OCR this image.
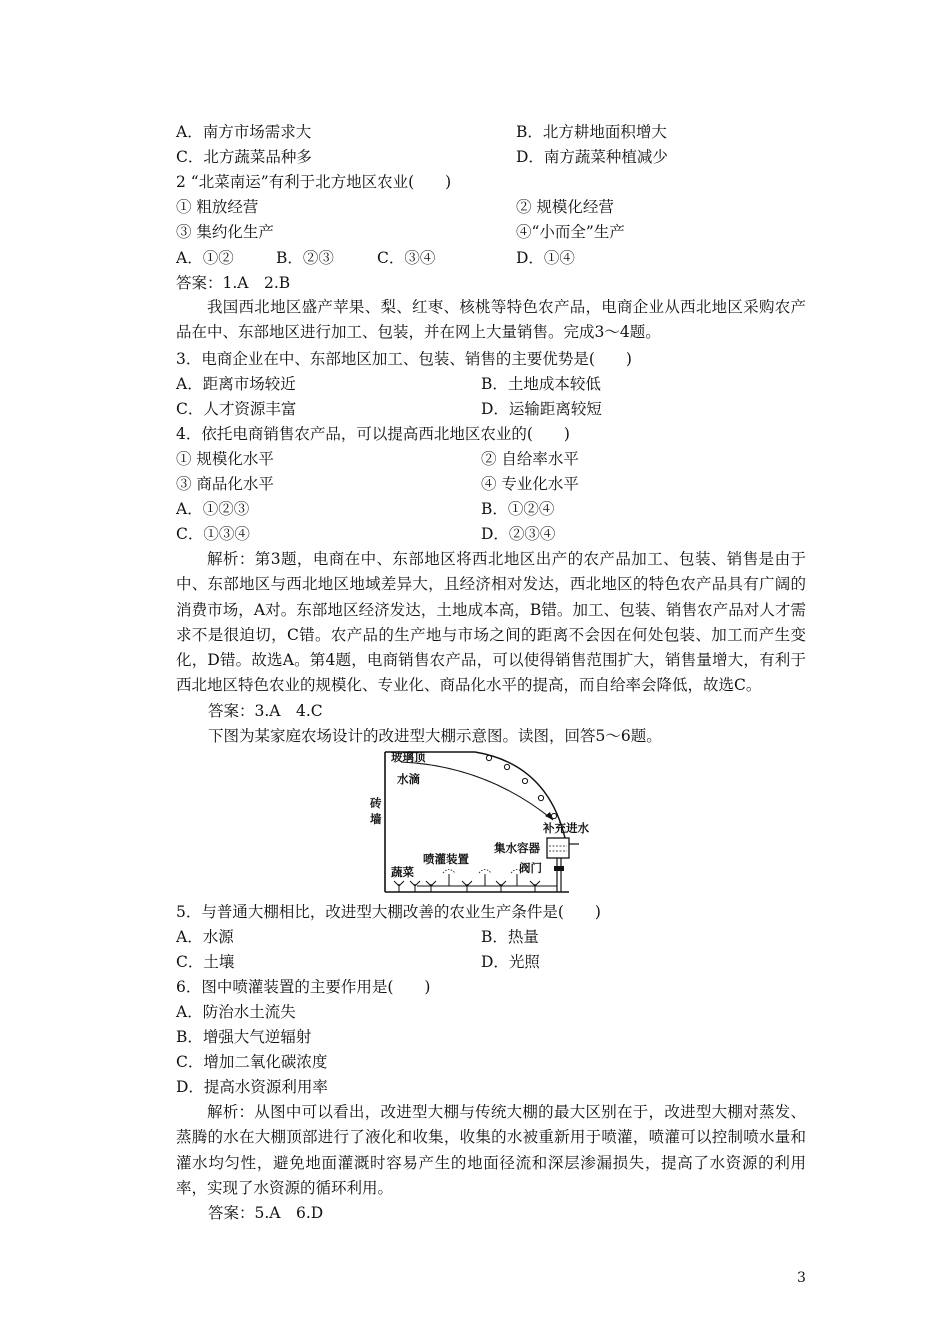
A．南方市场需求大	B．北方耕地面积增大
C．北方蔬菜品种多	D．南方蔬菜种植减少
2 “北菜南运”有利于北方地区农业(　　)
① 粗放经营	② 规模化经营
③ 集约化生产	④“小而全”生产
A．①②	B．②③	C．③④	D．①④
答案：1.A　2.B
我国西北地区盛产苹果、梨、红枣、核桃等特色农产品，电商企业从西北地区采购农产品在中、东部地区进行加工、包装，并在网上大量销售。完成3～4题。
3．电商企业在中、东部地区加工、包装、销售的主要优势是(　　)
A．距离市场较近	B．土地成本较低
C．人才资源丰富	D．运输距离较短
4．依托电商销售农产品，可以提高西北地区农业的(　　)
① 规模化水平	② 自给率水平
③ 商品化水平	④ 专业化水平
A．①②③	B．①②④
C．①③④	D．②③④
解析：第3题，电商在中、东部地区将西北地区出产的农产品加工、包装、销售是由于中、东部地区与西北地区地域差异大，且经济相对发达，西北地区的特色农产品具有广阔的消费市场，A对。东部地区经济发达，土地成本高，B错。加工、包装、销售农产品对人才需求不是很迫切，C错。农产品的生产地与市场之间的距离不会因在何处包装、加工而产生变化，D错。故选A。第4题，电商销售农产品，可以使得销售范围扩大，销售量增大，有利于西北地区特色农业的规模化、专业化、商品化水平的提高，而自给率会降低，故选C。
答案：3.A　4.C
下图为某家庭农场设计的改进型大棚示意图。读图，回答5～6题。
玻璃顶
水滴
砖
墙
补充进水
集水容器
喷灌装置
阀门
蔬菜
5．与普通大棚相比，改进型大棚改善的农业生产条件是(　　)
A．水源	B．热量
C．土壤	D．光照
6．图中喷灌装置的主要作用是(　　)
A．防治水土流失
B．增强大气逆辐射
C．增加二氧化碳浓度
D．提高水资源利用率
解析：从图中可以看出，改进型大棚与传统大棚的最大区别在于，改进型大棚对蒸发、蒸腾的水在大棚顶部进行了液化和收集，收集的水被重新用于喷灌，喷灌可以控制喷水量和灌水均匀性，避免地面灌溉时容易产生的地面径流和深层渗漏损失，提高了水资源的利用率，实现了水资源的循环利用。
答案：5.A　6.D
3
